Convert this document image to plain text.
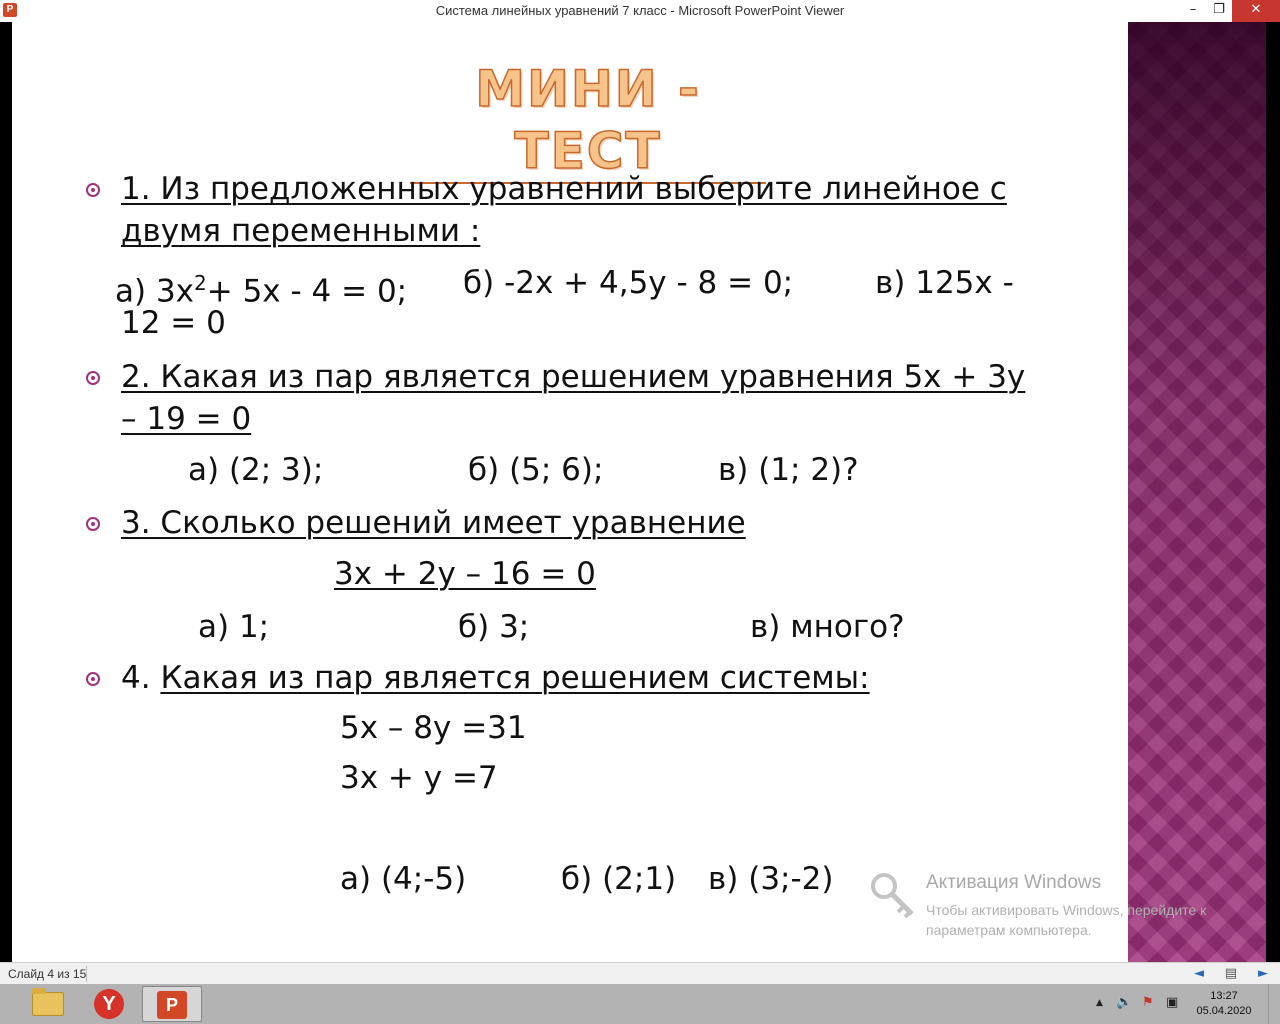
P	Система линейных уравнений 7 класс - Microsoft PowerPoint Viewer	–	❐	✕
МИНИ - ТЕСТ
1. Из предложенных уравнений выберите линейное с
двумя переменными :
а) $3x^2+ 5x - 4 = 0$; б) -2x + 4,5y - 8 = 0;	в) 125x -
12 = 0
2. Какая из пар является решением уравнения 5x + 3y
– 19 = 0
а) (2; 3);	б) (5; 6);	в) (1; 2)?
3. Сколько решений имеет уравнение
3x + 2y – 16 = 0
а) 1;	б) 3;	в) много?
4. Какая из пар является решением системы:
5x – 8y =31
3x + y =7
а) (4;-5)	б) (2;1) в) (3;-2)	Активация Windows
Чтобы активировать Windows, перейдите к
параметрам компьютера.
Слайд 4 из 15	◄	▤	►
Y	P	▲ 🔈 ⚑ ▣	13:27
05.04.2020
